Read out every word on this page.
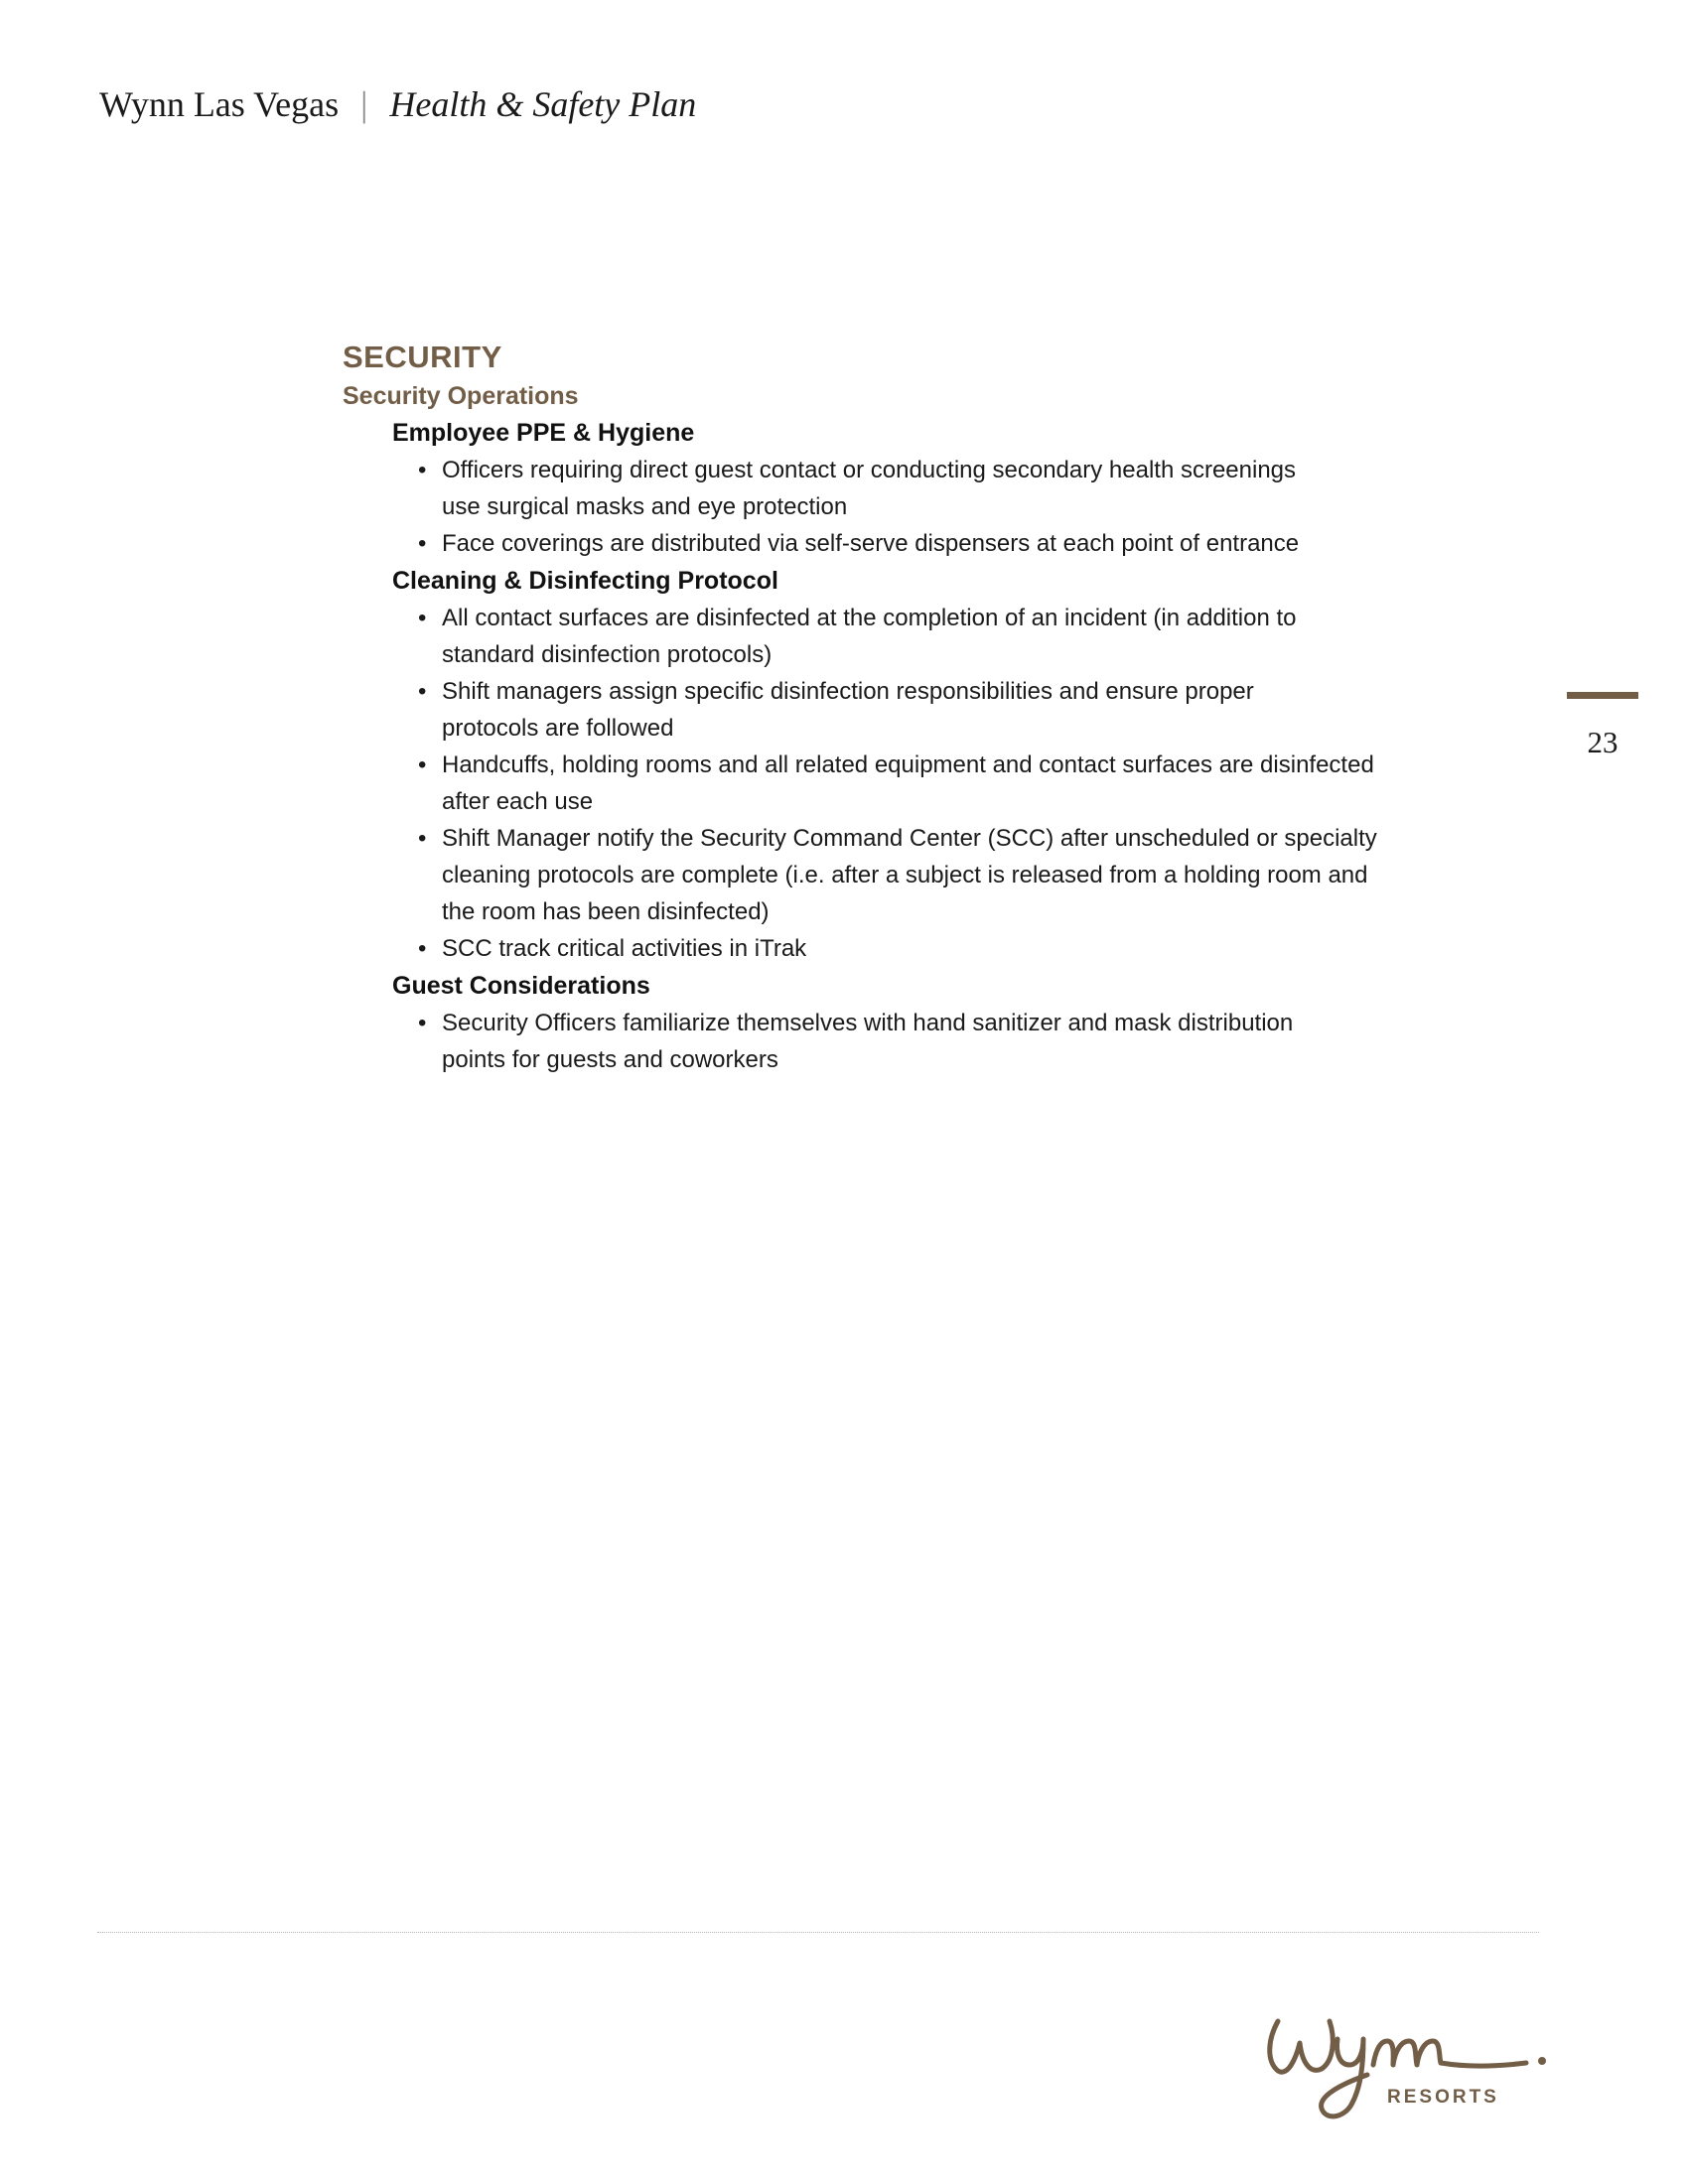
Wynn Las Vegas | Health & Safety Plan
SECURITY
Security Operations
Employee PPE & Hygiene
• Officers requiring direct guest contact or conducting secondary health screenings
use surgical masks and eye protection
• Face coverings are distributed via self-serve dispensers at each point of entrance
Cleaning & Disinfecting Protocol
• All contact surfaces are disinfected at the completion of an incident (in addition to
standard disinfection protocols)
• Shift managers assign specific disinfection responsibilities and ensure proper
protocols are followed
• Handcuffs, holding rooms and all related equipment and contact surfaces are disinfected
after each use
• Shift Manager notify the Security Command Center (SCC) after unscheduled or specialty
cleaning protocols are complete (i.e. after a subject is released from a holding room and
the room has been disinfected)
• SCC track critical activities in iTrak
Guest Considerations
• Security Officers familiarize themselves with hand sanitizer and mask distribution
points for guests and coworkers
23
RESORTS
